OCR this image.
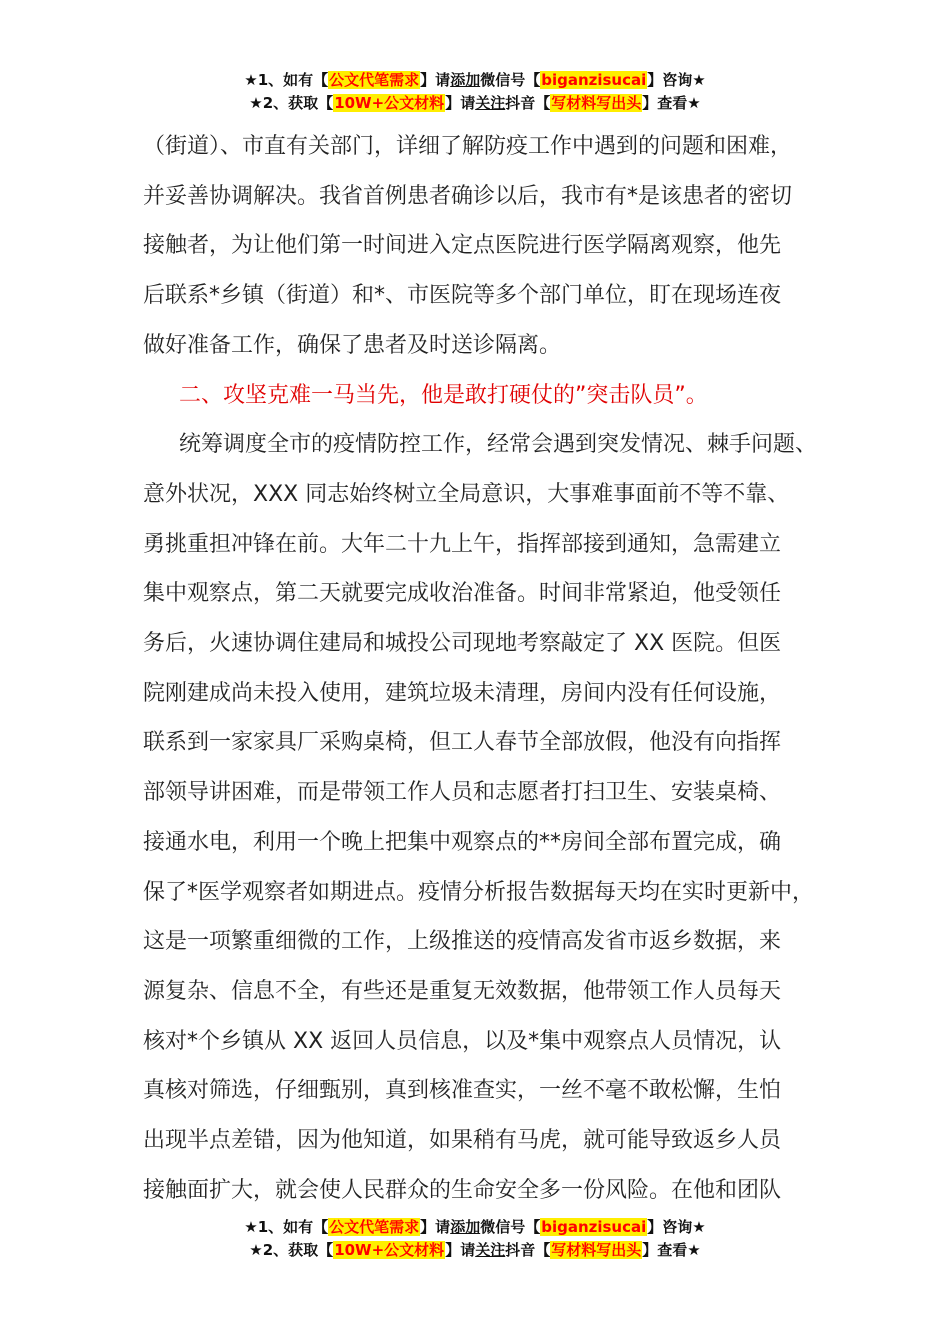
★1、如有【公文代笔需求】请添加微信号【biganzisucai】咨询★
★2、获取【10W+公文材料】请关注抖音【写材料写出头】查看★

（街道）、市直有关部门，详细了解防疫工作中遇到的问题和困难，

并妥善协调解决。我省首例患者确诊以后，我市有*是该患者的密切

接触者，为让他们第一时间进入定点医院进行医学隔离观察，他先

后联系*乡镇（街道）和*、市医院等多个部门单位，盯在现场连夜

做好准备工作，确保了患者及时送诊隔离。

二、攻坚克难一马当先，他是敢打硬仗的”突击队员”。

统筹调度全市的疫情防控工作，经常会遇到突发情况、棘手问题、

意外状况，XXX 同志始终树立全局意识，大事难事面前不等不靠、

勇挑重担冲锋在前。大年二十九上午，指挥部接到通知，急需建立

集中观察点，第二天就要完成收治准备。时间非常紧迫，他受领任

务后，火速协调住建局和城投公司现地考察敲定了 XX 医院。但医

院刚建成尚未投入使用，建筑垃圾未清理，房间内没有任何设施，

联系到一家家具厂采购桌椅，但工人春节全部放假，他没有向指挥

部领导讲困难，而是带领工作人员和志愿者打扫卫生、安装桌椅、

接通水电，利用一个晚上把集中观察点的**房间全部布置完成，确

保了*医学观察者如期进点。疫情分析报告数据每天均在实时更新中，

这是一项繁重细微的工作，上级推送的疫情高发省市返乡数据，来

源复杂、信息不全，有些还是重复无效数据，他带领工作人员每天

核对*个乡镇从 XX 返回人员信息，以及*集中观察点人员情况，认

真核对筛选，仔细甄别，真到核准查实，一丝不毫不敢松懈，生怕

出现半点差错，因为他知道，如果稍有马虎，就可能导致返乡人员

接触面扩大，就会使人民群众的生命安全多一份风险。在他和团队

★1、如有【公文代笔需求】请添加微信号【biganzisucai】咨询★
★2、获取【10W+公文材料】请关注抖音【写材料写出头】查看★
